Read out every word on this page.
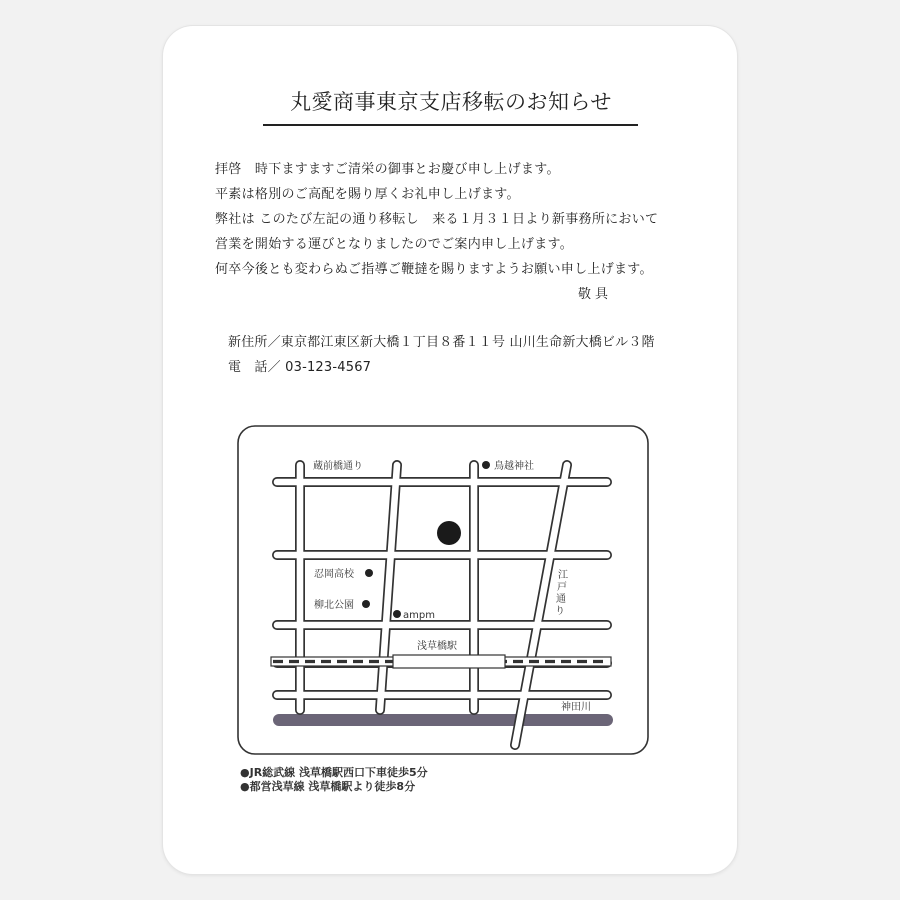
丸愛商事東京支店移転のお知らせ
拝啓　時下ますますご清栄の御事とお慶び申し上げます。
平素は格別のご高配を賜り厚くお礼申し上げます。
弊社は このたび左記の通り移転し　来る１月３１日より新事務所において
営業を開始する運びとなりましたのでご案内申し上げます。
何卒今後とも変わらぬご指導ご鞭撻を賜りますようお願い申し上げます。
敬具
新住所／東京都江東区新大橋１丁目８番１１号 山川生命新大橋ビル３階
電　話／ 03-123-4567
蔵前橋通り	鳥越神社
忍岡高校
柳北公園
ampm
浅草橋駅
江
戸
通
り
神田川
●JR総武線 浅草橋駅西口下車徒歩5分
●都営浅草線 浅草橋駅より徒歩8分
